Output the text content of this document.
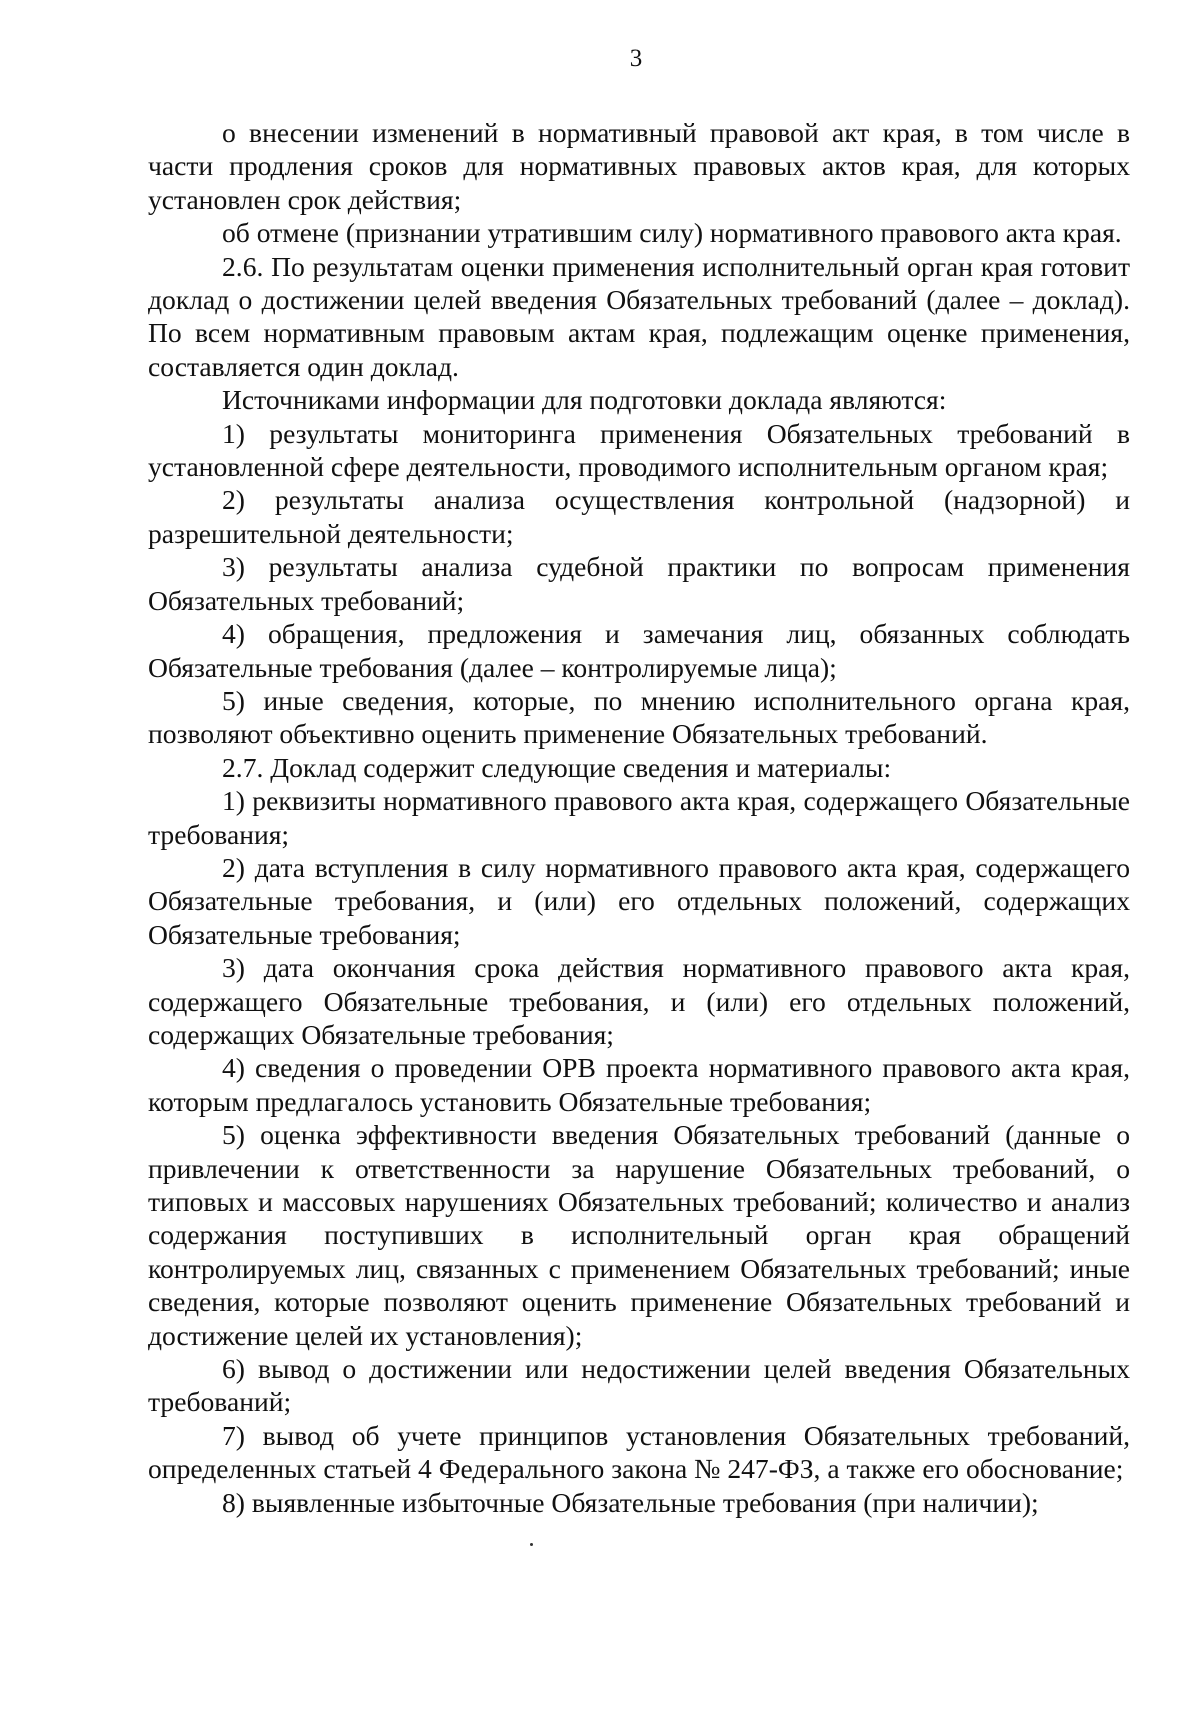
3

о внесении изменений в нормативный правовой акт края, в том числе в части продления сроков для нормативных правовых актов края, для которых установлен срок действия;

об отмене (признании утратившим силу) нормативного правового акта края.

2.6. По результатам оценки применения исполнительный орган края готовит доклад о достижении целей введения Обязательных требований (далее – доклад). По всем нормативным правовым актам края, подлежащим оценке применения, составляется один доклад.

Источниками информации для подготовки доклада являются:

1) результаты мониторинга применения Обязательных требований в установленной сфере деятельности, проводимого исполнительным органом края;

2) результаты анализа осуществления контрольной (надзорной) и разрешительной деятельности;

3) результаты анализа судебной практики по вопросам применения Обязательных требований;

4) обращения, предложения и замечания лиц, обязанных соблюдать Обязательные требования (далее – контролируемые лица);

5) иные сведения, которые, по мнению исполнительного органа края, позволяют объективно оценить применение Обязательных требований.

2.7. Доклад содержит следующие сведения и материалы:

1) реквизиты нормативного правового акта края, содержащего Обязательные требования;

2) дата вступления в силу нормативного правового акта края, содержащего Обязательные требования, и (или) его отдельных положений, содержащих Обязательные требования;

3) дата окончания срока действия нормативного правового акта края, содержащего Обязательные требования, и (или) его отдельных положений, содержащих Обязательные требования;

4) сведения о проведении ОРВ проекта нормативного правового акта края, которым предлагалось установить Обязательные требования;

5) оценка эффективности введения Обязательных требований (данные о привлечении к ответственности за нарушение Обязательных требований, о типовых и массовых нарушениях Обязательных требований; количество и анализ содержания поступивших в исполнительный орган края обращений контролируемых лиц, связанных с применением Обязательных требований; иные сведения, которые позволяют оценить применение Обязательных требований и достижение целей их установления);

6) вывод о достижении или недостижении целей введения Обязательных требований;

7) вывод об учете принципов установления Обязательных требований, определенных статьей 4 Федерального закона № 247-ФЗ, а также его обоснование;

8) выявленные избыточные Обязательные требования (при наличии);
